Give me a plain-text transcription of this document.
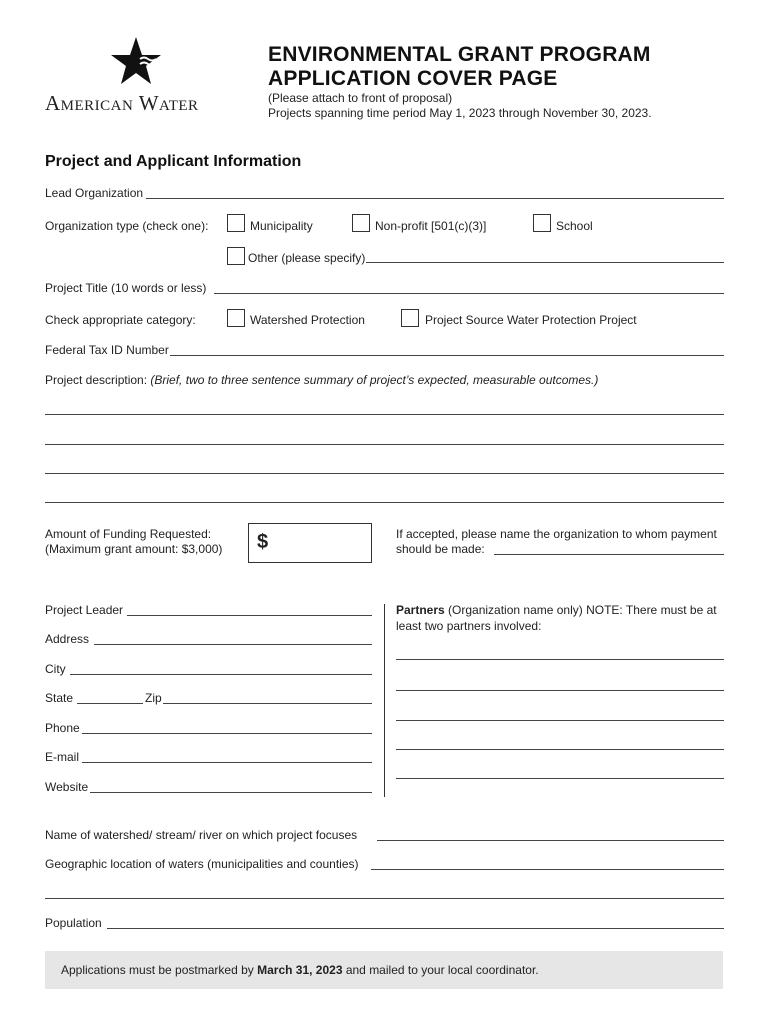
American Water
ENVIRONMENTAL GRANT PROGRAM
APPLICATION COVER PAGE
(Please attach to front of proposal)
Projects spanning time period May 1, 2023 through November 30, 2023.
Project and Applicant Information
Lead Organization
Organization type (check one):	Municipality	Non-profit [501(c)(3)]	School
Other (please specify)
Project Title (10 words or less)
Check appropriate category:	Watershed Protection	Project Source Water Protection Project
Federal Tax ID Number
Project description: (Brief, two to three sentence summary of project’s expected, measurable outcomes.)
Amount of Funding Requested:
(Maximum grant amount: $3,000) $	If accepted, please name the organization to whom payment
should be made:
Project Leader
Address
City
State	Zip
Phone
E-mail
Website
Partners (Organization name only) NOTE: There must be at
least two partners involved:
Name of watershed/ stream/ river on which project focuses
Geographic location of waters (municipalities and counties)
Population
Applications must be postmarked by March 31, 2023 and mailed to your local coordinator.
